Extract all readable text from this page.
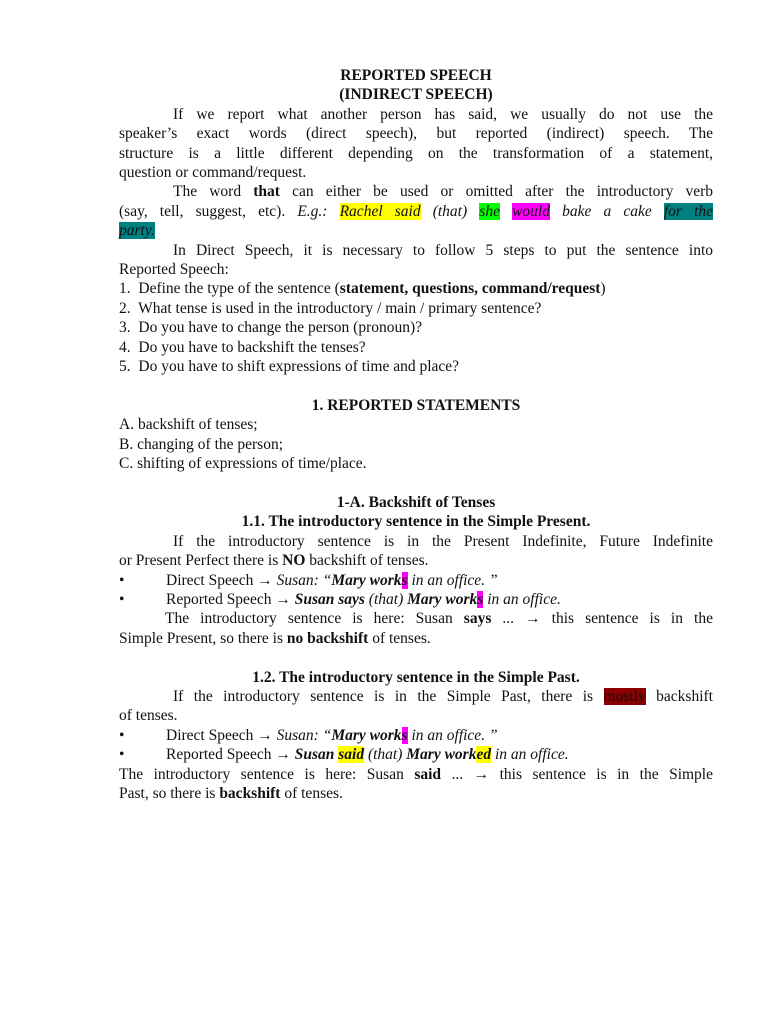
REPORTED SPEECH
(INDIRECT SPEECH)

If we report what another person has said, we usually do not use the

speaker’s exact words (direct speech), but reported (indirect) speech. The

structure is a little different depending on the transformation of a statement,

question or command/request.

The word that can either be used or omitted after the introductory verb

(say, tell, suggest, etc). E.g.: Rachel said (that) she would bake a cake for the

party.

In Direct Speech, it is necessary to follow 5 steps to put the sentence into

Reported Speech:

1. Define the type of the sentence (statement, questions, command/request)

2. What tense is used in the introductory / main / primary sentence?

3. Do you have to change the person (pronoun)?

4. Do you have to backshift the tenses?

5. Do you have to shift expressions of time and place?

1. REPORTED STATEMENTS

A. backshift of tenses;

B. changing of the person;

C. shifting of expressions of time/place.

1-A. Backshift of Tenses

1.1. The introductory sentence in the Simple Present.

If the introductory sentence is in the Present Indefinite, Future Indefinite

or Present Perfect there is NO backshift of tenses.

•	Direct Speech → Susan: “Mary works in an office. ”
•	Reported Speech → Susan says (that) Mary works in an office.

The introductory sentence is here: Susan says ... → this sentence is in the

Simple Present, so there is no backshift of tenses.

1.2. The introductory sentence in the Simple Past.

If the introductory sentence is in the Simple Past, there is mostly backshift

of tenses.

•	Direct Speech → Susan: “Mary works in an office. ”
•	Reported Speech → Susan said (that) Mary worked in an office.

The introductory sentence is here: Susan said ... → this sentence is in the Simple

Past, so there is backshift of tenses.
